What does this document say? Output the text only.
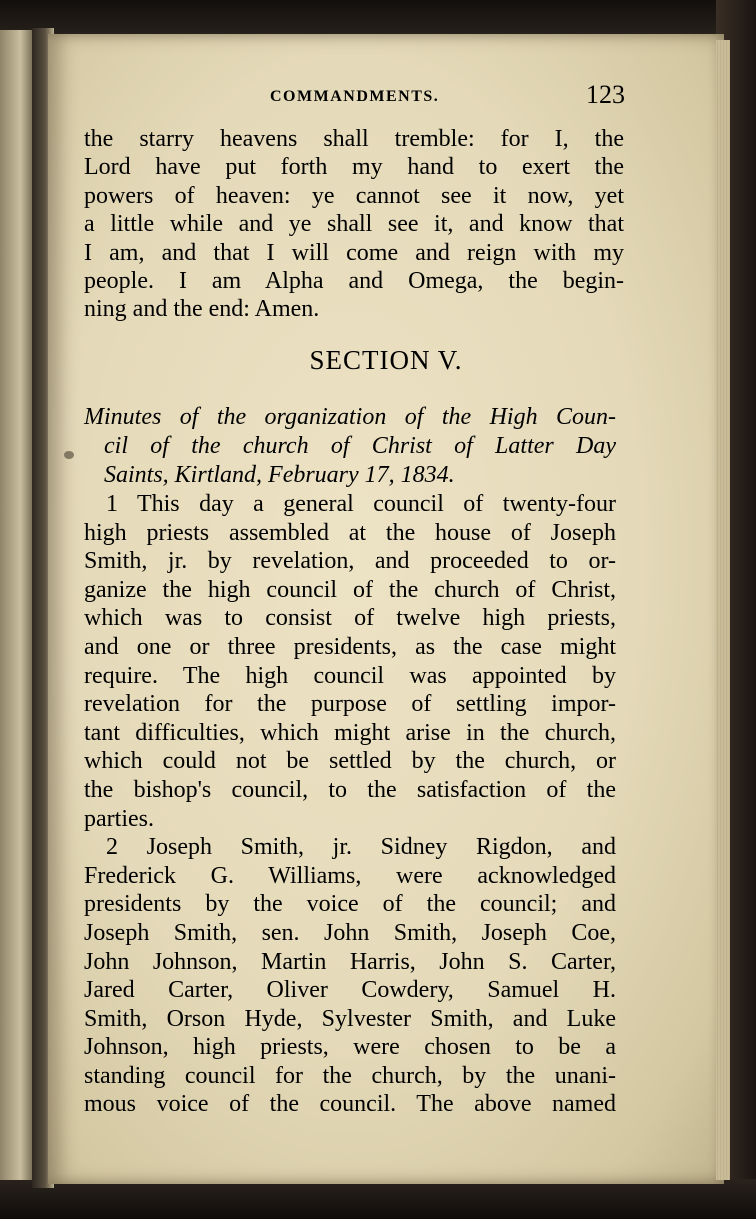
COMMANDMENTS.	123
the starry heavens shall tremble: for I, the
Lord have put forth my hand to exert the
powers of heaven: ye cannot see it now, yet
a little while and ye shall see it, and know that
I am, and that I will come and reign with my
people. I am Alpha and Omega, the begin-
ning and the end: Amen.
SECTION V.
Minutes of the organization of the High Coun-
cil of the church of Christ of Latter Day
Saints, Kirtland, February 17, 1834.
1 This day a general council of twenty-four
high priests assembled at the house of Joseph
Smith, jr. by revelation, and proceeded to or-
ganize the high council of the church of Christ,
which was to consist of twelve high priests,
and one or three presidents, as the case might
require. The high council was appointed by
revelation for the purpose of settling impor-
tant difficulties, which might arise in the church,
which could not be settled by the church, or
the bishop's council, to the satisfaction of the
parties.
2 Joseph Smith, jr. Sidney Rigdon, and
Frederick G. Williams, were acknowledged
presidents by the voice of the council; and
Joseph Smith, sen. John Smith, Joseph Coe,
John Johnson, Martin Harris, John S. Carter,
Jared Carter, Oliver Cowdery, Samuel H.
Smith, Orson Hyde, Sylvester Smith, and Luke
Johnson, high priests, were chosen to be a
standing council for the church, by the unani-
mous voice of the council. The above named
